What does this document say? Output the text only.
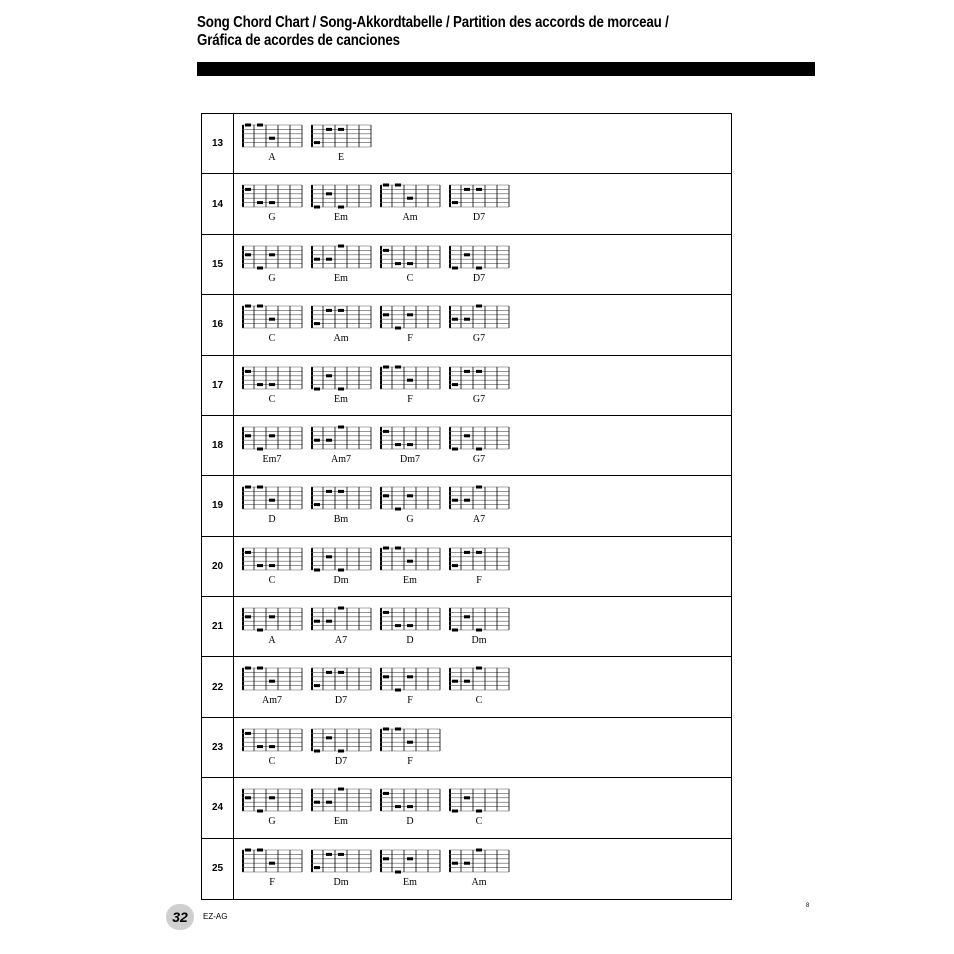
Song Chord Chart / Song-Akkordtabelle / Partition des accords de morceau /
Gráfica de acordes de canciones
13
A	E
14
G	Em	Am	D7
15
G	Em	C	D7
16
C	Am	F	G7
17
C	Em	F	G7
18
Em7	Am7	Dm7	G7
19
D	Bm	G	A7
20
C	Dm	Em	F
21
A	A7	D	Dm
22
Am7	D7	F	C
23
C	D7	F
24
G	Em	D	C
25
F	Dm	Em	Am
32	EZ-AG
8
